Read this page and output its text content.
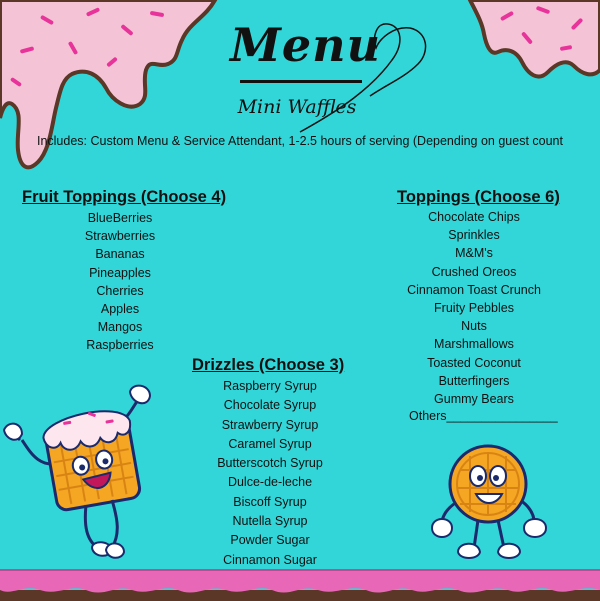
Menu
Mini Waffles
Includes: Custom Menu & Service Attendant, 1-2.5 hours of serving (Depending on guest count
Fruit Toppings (Choose 4)
BlueBerries
Strawberries
Bananas
Pineapples
Cherries
Apples
Mangos
Raspberries
Toppings (Choose 6)
Chocolate Chips
Sprinkles
M&M's
Crushed Oreos
Cinnamon Toast Crunch
Fruity Pebbles
Nuts
Marshmallows
Toasted Coconut
Butterfingers
Gummy Bears
Others________________
Drizzles (Choose 3)
Raspberry Syrup
Chocolate Syrup
Strawberry Syrup
Caramel Syrup
Butterscotch Syrup
Dulce-de-leche
Biscoff Syrup
Nutella Syrup
Powder Sugar
Cinnamon Sugar
